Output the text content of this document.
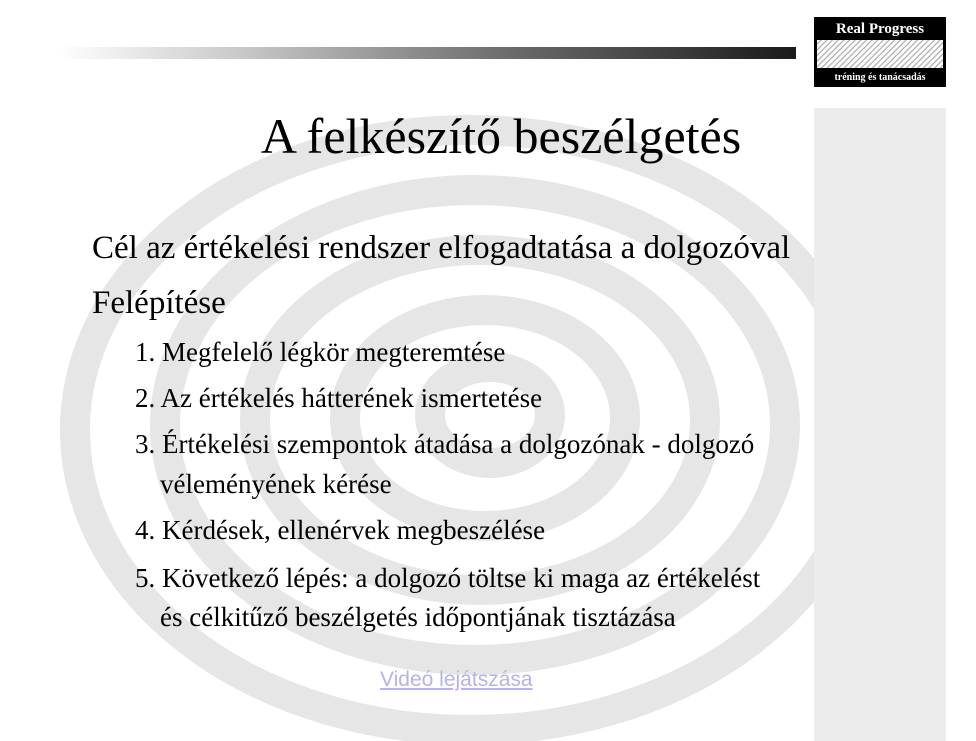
Real Progress
tréning és tanácsadás
A felkészítő beszélgetés
Cél az értékelési rendszer elfogadtatása a dolgozóval
Felépítése
1. Megfelelő légkör megteremtése
2. Az értékelés hátterének ismertetése
3. Értékelési szempontok átadása a dolgozónak - dolgozó
véleményének kérése
4. Kérdések, ellenérvek megbeszélése
5. Következő lépés: a dolgozó töltse ki maga az értékelést
és célkitűző beszélgetés időpontjának tisztázása
Videó lejátszása
